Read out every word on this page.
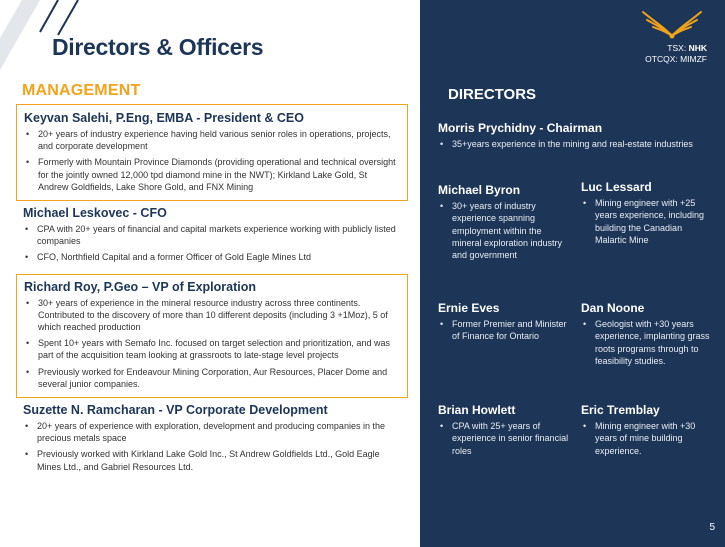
Directors & Officers
MANAGEMENT
Keyvan Salehi, P.Eng, EMBA - President & CEO
• 20+ years of industry experience having held various senior roles in operations, projects, and corporate development
• Formerly with Mountain Province Diamonds (providing operational and technical oversight for the jointly owned 12,000 tpd diamond mine in the NWT); Kirkland Lake Gold, St Andrew Goldfields, Lake Shore Gold, and FNX Mining
Michael Leskovec - CFO
• CPA with 20+ years of financial and capital markets experience working with publicly listed companies
• CFO, Northfield Capital and a former Officer of Gold Eagle Mines Ltd
Richard Roy, P.Geo – VP of Exploration
• 30+ years of experience in the mineral resource industry across three continents. Contributed to the discovery of more than 10 different deposits (including 3 +1Moz), 5 of which reached production
• Spent 10+ years with Semafo Inc. focused on target selection and prioritization, and was part of the acquisition team looking at grassroots to late-stage level projects
• Previously worked for Endeavour Mining Corporation, Aur Resources, Placer Dome and several junior companies.
Suzette N. Ramcharan - VP Corporate Development
• 20+ years of experience with exploration, development and producing companies in the precious metals space
• Previously worked with Kirkland Lake Gold Inc., St Andrew Goldfields Ltd., Gold Eagle Mines Ltd., and Gabriel Resources Ltd.
TSX: NHK
OTCQX: MIMZF
DIRECTORS
Morris Prychidny - Chairman
• 35+years experience in the mining and real-estate industries
Michael Byron
• 30+ years of industry experience spanning employment within the mineral exploration industry and government
Luc Lessard
• Mining engineer with +25 years experience, including building the Canadian Malartic Mine
Ernie Eves
• Former Premier and Minister of Finance for Ontario
Dan Noone
• Geologist with +30 years experience, implanting grass roots programs through to feasibility studies.
Brian Howlett
• CPA with 25+ years of experience in senior financial roles
Eric Tremblay
• Mining engineer with +30 years of mine building experience.
5
